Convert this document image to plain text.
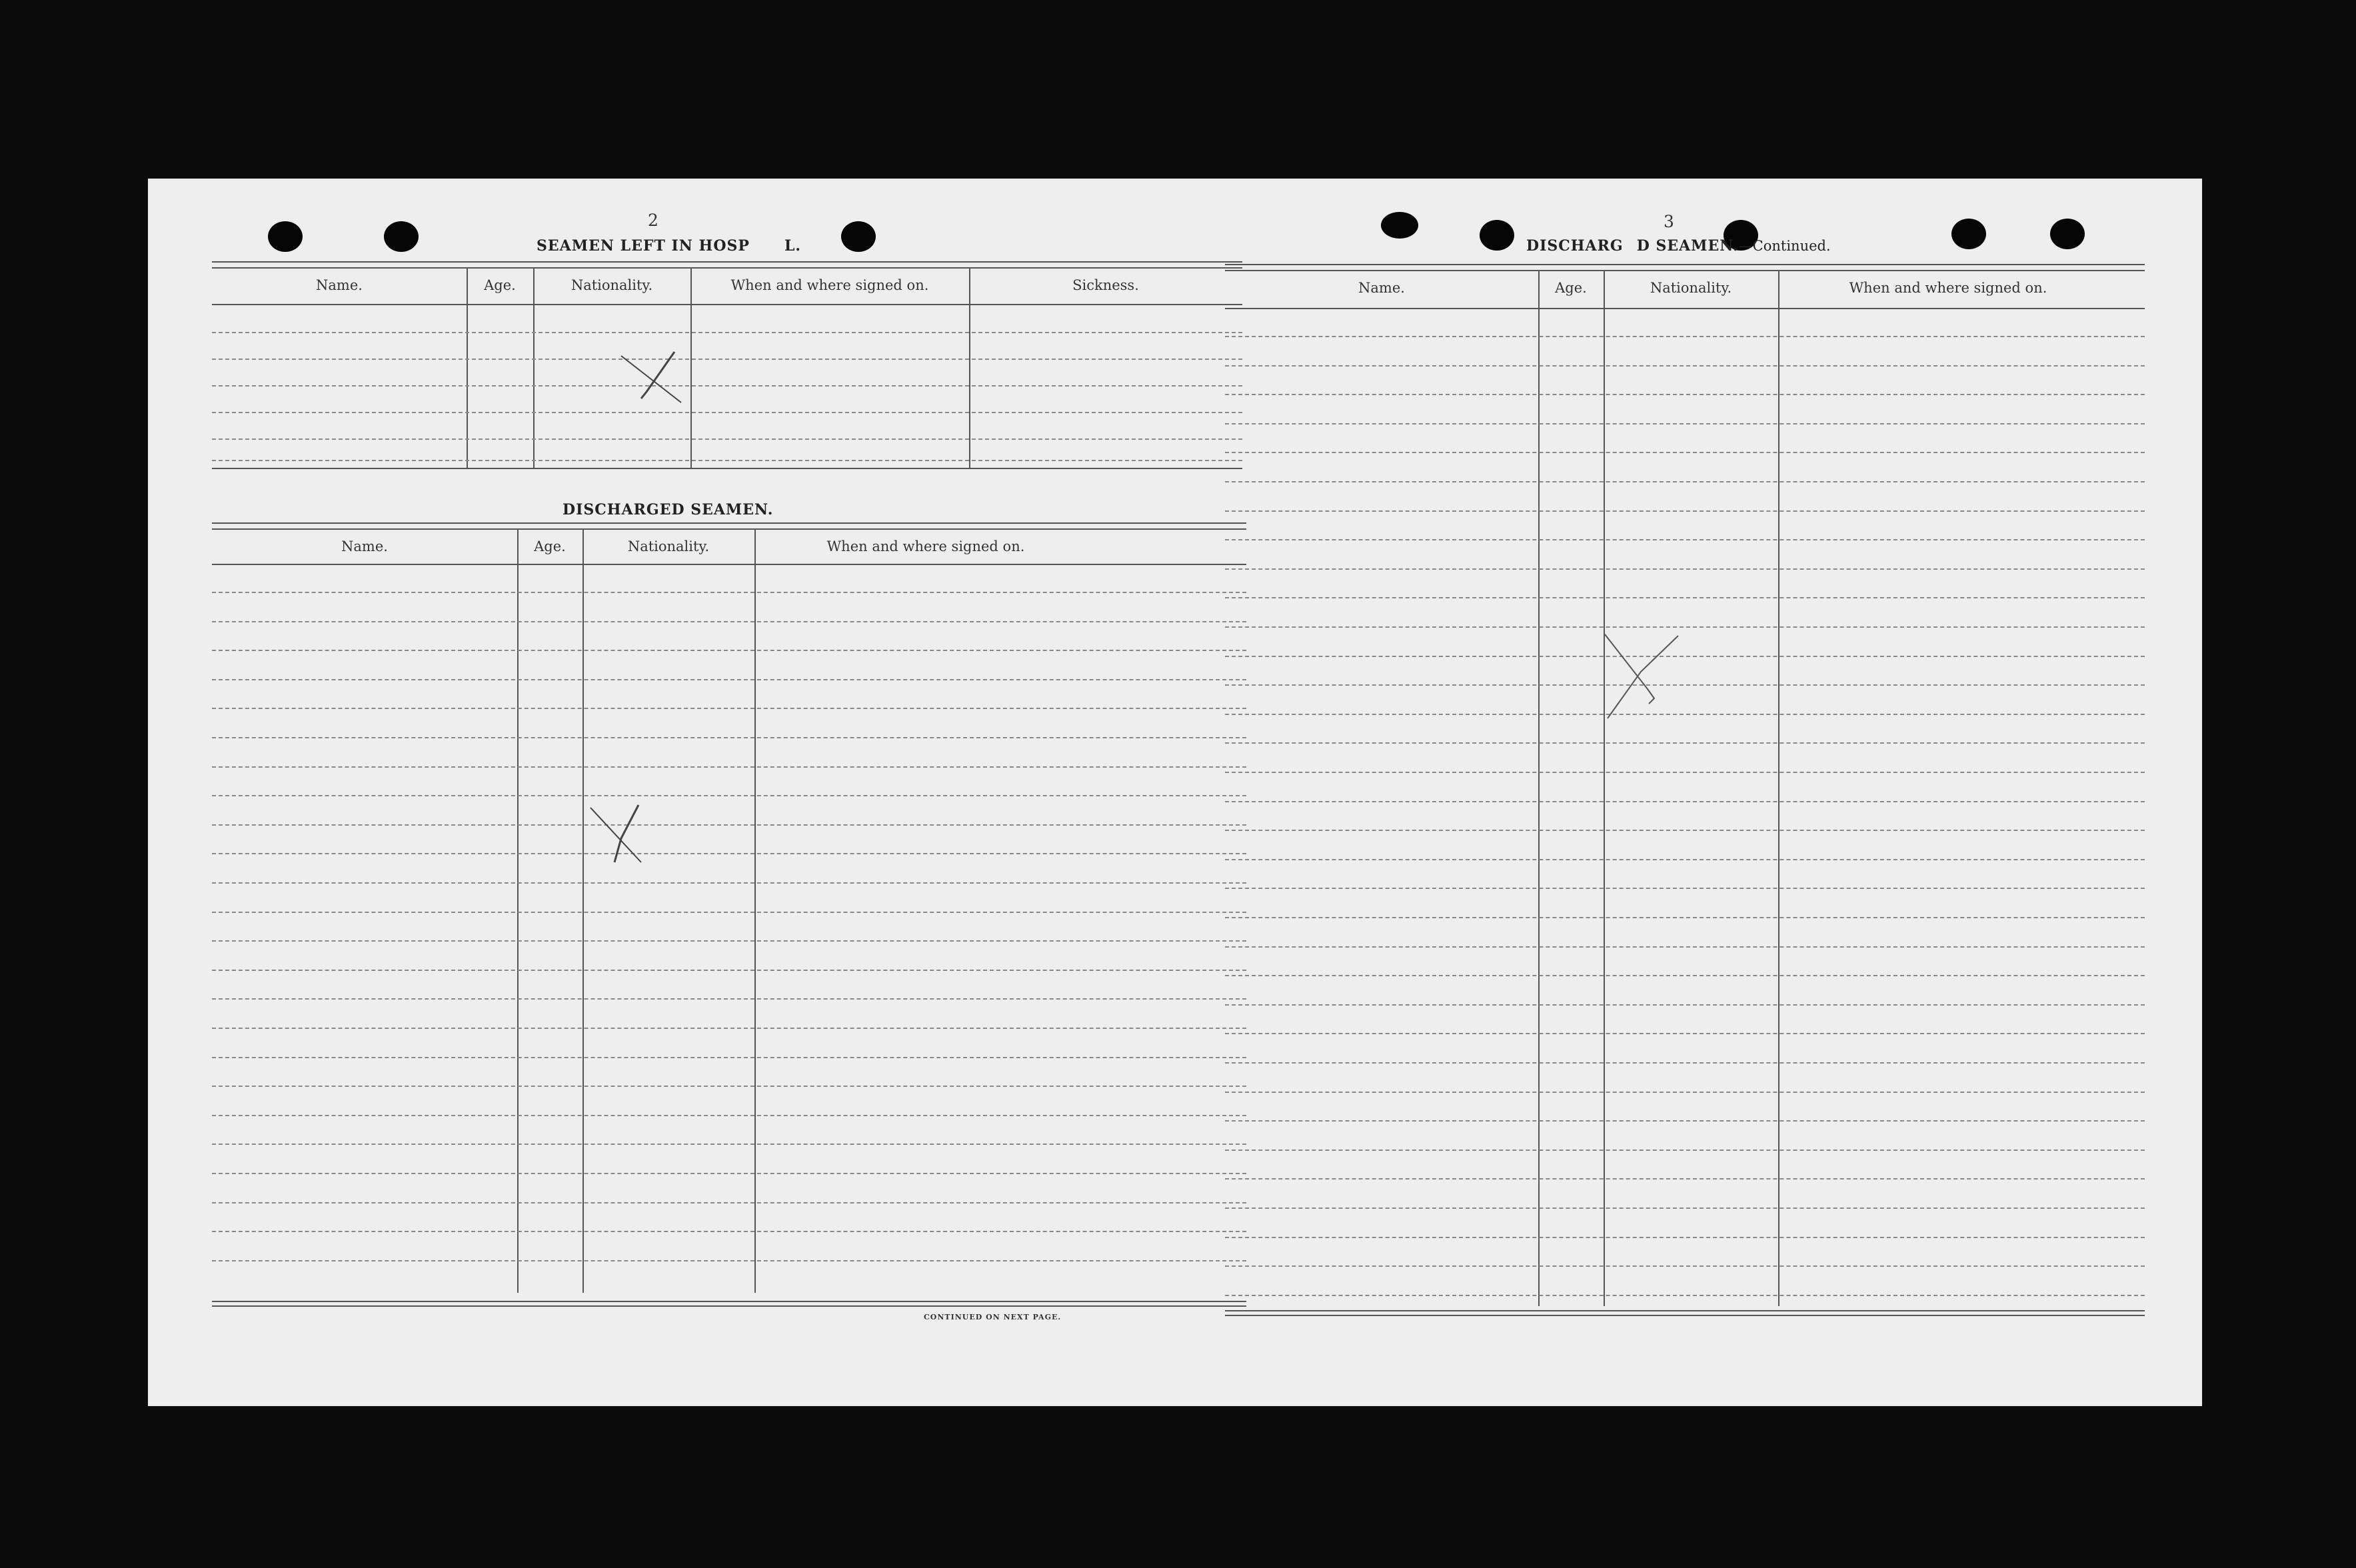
2
SEAMEN LEFT IN HOSP L.
Name.	Age.	Nationality.	When and where signed on.	Sickness.
DISCHARGED SEAMEN.
Name.	Age.	Nationality.	When and where signed on.
CONTINUED ON NEXT PAGE.
3
DISCHARG D SEAMEN.—Continued.
Name.	Age.	Nationality.	When and where signed on.
